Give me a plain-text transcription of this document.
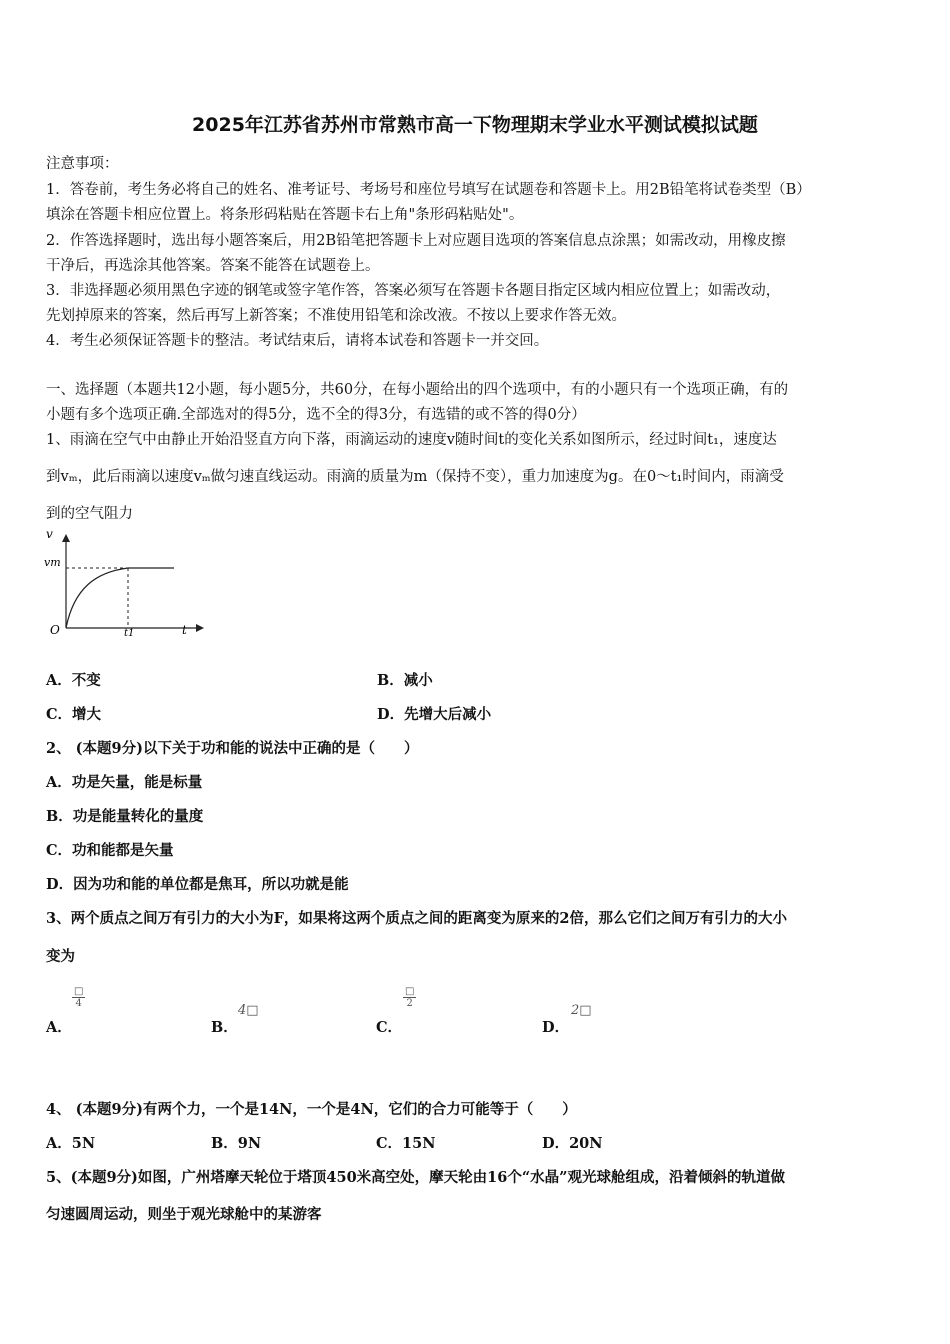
2025年江苏省苏州市常熟市高一下物理期末学业水平测试模拟试题
注意事项：
1．答卷前，考生务必将自己的姓名、准考证号、考场号和座位号填写在试题卷和答题卡上。用2B铅笔将试卷类型（B）
填涂在答题卡相应位置上。将条形码粘贴在答题卡右上角"条形码粘贴处"。
2．作答选择题时，选出每小题答案后，用2B铅笔把答题卡上对应题目选项的答案信息点涂黑；如需改动，用橡皮擦
干净后，再选涂其他答案。答案不能答在试题卷上。
3．非选择题必须用黑色字迹的钢笔或签字笔作答，答案必须写在答题卡各题目指定区域内相应位置上；如需改动，
先划掉原来的答案，然后再写上新答案；不准使用铅笔和涂改液。不按以上要求作答无效。
4．考生必须保证答题卡的整洁。考试结束后，请将本试卷和答题卡一并交回。
一、选择题（本题共12小题，每小题5分，共60分，在每小题给出的四个选项中，有的小题只有一个选项正确，有的
小题有多个选项正确.全部选对的得5分，选不全的得3分，有选错的或不答的得0分）
1、雨滴在空气中由静止开始沿竖直方向下落，雨滴运动的速度v随时间t的变化关系如图所示，经过时间t₁，速度达
到vₘ，此后雨滴以速度vₘ做匀速直线运动。雨滴的质量为m（保持不变），重力加速度为g。在0～t₁时间内，雨滴受
到的空气阻力
v
vm
O	t1	t
A．不变	B．减小
C．增大	D．先增大后减小
2、 (本题9分)以下关于功和能的说法中正确的是（　　）
A．功是矢量，能是标量
B．功是能量转化的量度
C．功和能都是矢量
D．因为功和能的单位都是焦耳，所以功就是能
3、两个质点之间万有引力的大小为F，如果将这两个质点之间的距离变为原来的2倍，那么它们之间万有引力的大小
变为
A．
□
4
B．
4□
C．
□
2
D．
2□
4、 (本题9分)有两个力，一个是14N，一个是4N，它们的合力可能等于（　　）
A．5N	B．9N	C．15N	D．20N
5、(本题9分)如图，广州塔摩天轮位于塔顶450米高空处，摩天轮由16个“水晶”观光球舱组成，沿着倾斜的轨道做
匀速圆周运动，则坐于观光球舱中的某游客
